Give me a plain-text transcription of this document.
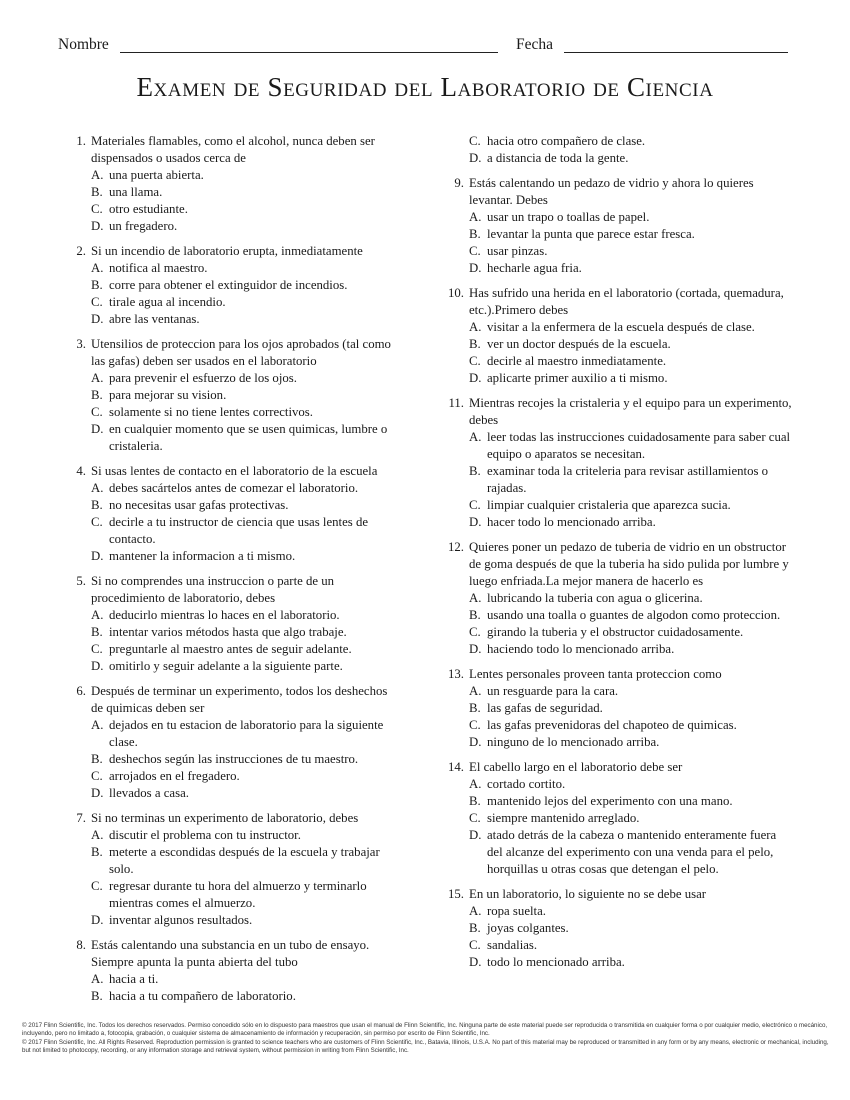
Nombre	Fecha
Examen de Seguridad del Laboratorio de Ciencia
1. Materiales flamables, como el alcohol, nunca deben ser dispensados o usados cerca de
A. una puerta abierta.
B. una llama.
C. otro estudiante.
D. un fregadero.
2. Si un incendio de laboratorio erupta, inmediatamente
A. notifica al maestro.
B. corre para obtener el extinguidor de incendios.
C. tirale agua al incendio.
D. abre las ventanas.
3. Utensilios de proteccion para los ojos aprobados (tal como las gafas) deben ser usados en el laboratorio
A. para prevenir el esfuerzo de los ojos.
B. para mejorar su vision.
C. solamente si no tiene lentes correctivos.
D. en cualquier momento que se usen quimicas, lumbre o cristaleria.
4. Si usas lentes de contacto en el laboratorio de la escuela
A. debes sacártelos antes de comezar el laboratorio.
B. no necesitas usar gafas protectivas.
C. decirle a tu instructor de ciencia que usas lentes de contacto.
D. mantener la informacion a ti mismo.
5. Si no comprendes una instruccion o parte de un procedimiento de laboratorio, debes
A. deducirlo mientras lo haces en el laboratorio.
B. intentar varios métodos hasta que algo trabaje.
C. preguntarle al maestro antes de seguir adelante.
D. omitirlo y seguir adelante a la siguiente parte.
6. Después de terminar un experimento, todos los deshechos de quimicas deben ser
A. dejados en tu estacion de laboratorio para la siguiente clase.
B. deshechos según las instrucciones de tu maestro.
C. arrojados en el fregadero.
D. llevados a casa.
7. Si no terminas un experimento de laboratorio, debes
A. discutir el problema con tu instructor.
B. meterte a escondidas después de la escuela y trabajar solo.
C. regresar durante tu hora del almuerzo y terminarlo mientras comes el almuerzo.
D. inventar algunos resultados.
8. Estás calentando una substancia en un tubo de ensayo. Siempre apunta la punta abierta del tubo
A. hacia a ti.
B. hacia a tu compañero de laboratorio.
C. hacia otro compañero de clase.
D. a distancia de toda la gente.
9. Estás calentando un pedazo de vidrio y ahora lo quieres levantar. Debes
A. usar un trapo o toallas de papel.
B. levantar la punta que parece estar fresca.
C. usar pinzas.
D. hecharle agua fria.
10. Has sufrido una herida en el laboratorio (cortada, quemadura, etc.).Primero debes
A. visitar a la enfermera de la escuela después de clase.
B. ver un doctor después de la escuela.
C. decirle al maestro inmediatamente.
D. aplicarte primer auxilio a ti mismo.
11. Mientras recojes la cristaleria y el equipo para un experimento, debes
A. leer todas las instrucciones cuidadosamente para saber cual equipo o aparatos se necesitan.
B. examinar toda la criteleria para revisar astillamientos o rajadas.
C. limpiar cualquier cristaleria que aparezca sucia.
D. hacer todo lo mencionado arriba.
12. Quieres poner un pedazo de tuberia de vidrio en un obstructor de goma después de que la tuberia ha sido pulida por lumbre y luego enfriada.La mejor manera de hacerlo es
A. lubricando la tuberia con agua o glicerina.
B. usando una toalla o guantes de algodon como proteccion.
C. girando la tuberia y el obstructor cuidadosamente.
D. haciendo todo lo mencionado arriba.
13. Lentes personales proveen tanta proteccion como
A. un resguarde para la cara.
B. las gafas de seguridad.
C. las gafas prevenidoras del chapoteo de quimicas.
D. ninguno de lo mencionado arriba.
14. El cabello largo en el laboratorio debe ser
A. cortado cortito.
B. mantenido lejos del experimento con una mano.
C. siempre mantenido arreglado.
D. atado detrás de la cabeza o mantenido enteramente fuera del alcanze del experimento con una venda para el pelo, horquillas u otras cosas que detengan el pelo.
15. En un laboratorio, lo siguiente no se debe usar
A. ropa suelta.
B. joyas colgantes.
C. sandalias.
D. todo lo mencionado arriba.

© 2017 Flinn Scientific, Inc. Todos los derechos reservados. Permiso concedido sólo en lo dispuesto para maestros que usan el manual de Flinn Scientific, Inc. Ninguna parte de este material puede ser reproducida o transmitida en cualquier forma o por cualquier medio, electrónico o mecánico, incluyendo, pero no limitado a, fotocopia, grabación, o cualquier sistema de almacenamiento de información y recuperación, sin permiso por escrito de Flinn Scientific, Inc.

© 2017 Flinn Scientific, Inc. All Rights Reserved. Reproduction permission is granted to science teachers who are customers of Flinn Scientific, Inc., Batavia, Illinois, U.S.A. No part of this material may be reproduced or transmitted in any form or by any means, electronic or mechanical, including, but not limited to photocopy, recording, or any information storage and retrieval system, without permission in writing from Flinn Scientific, Inc.
